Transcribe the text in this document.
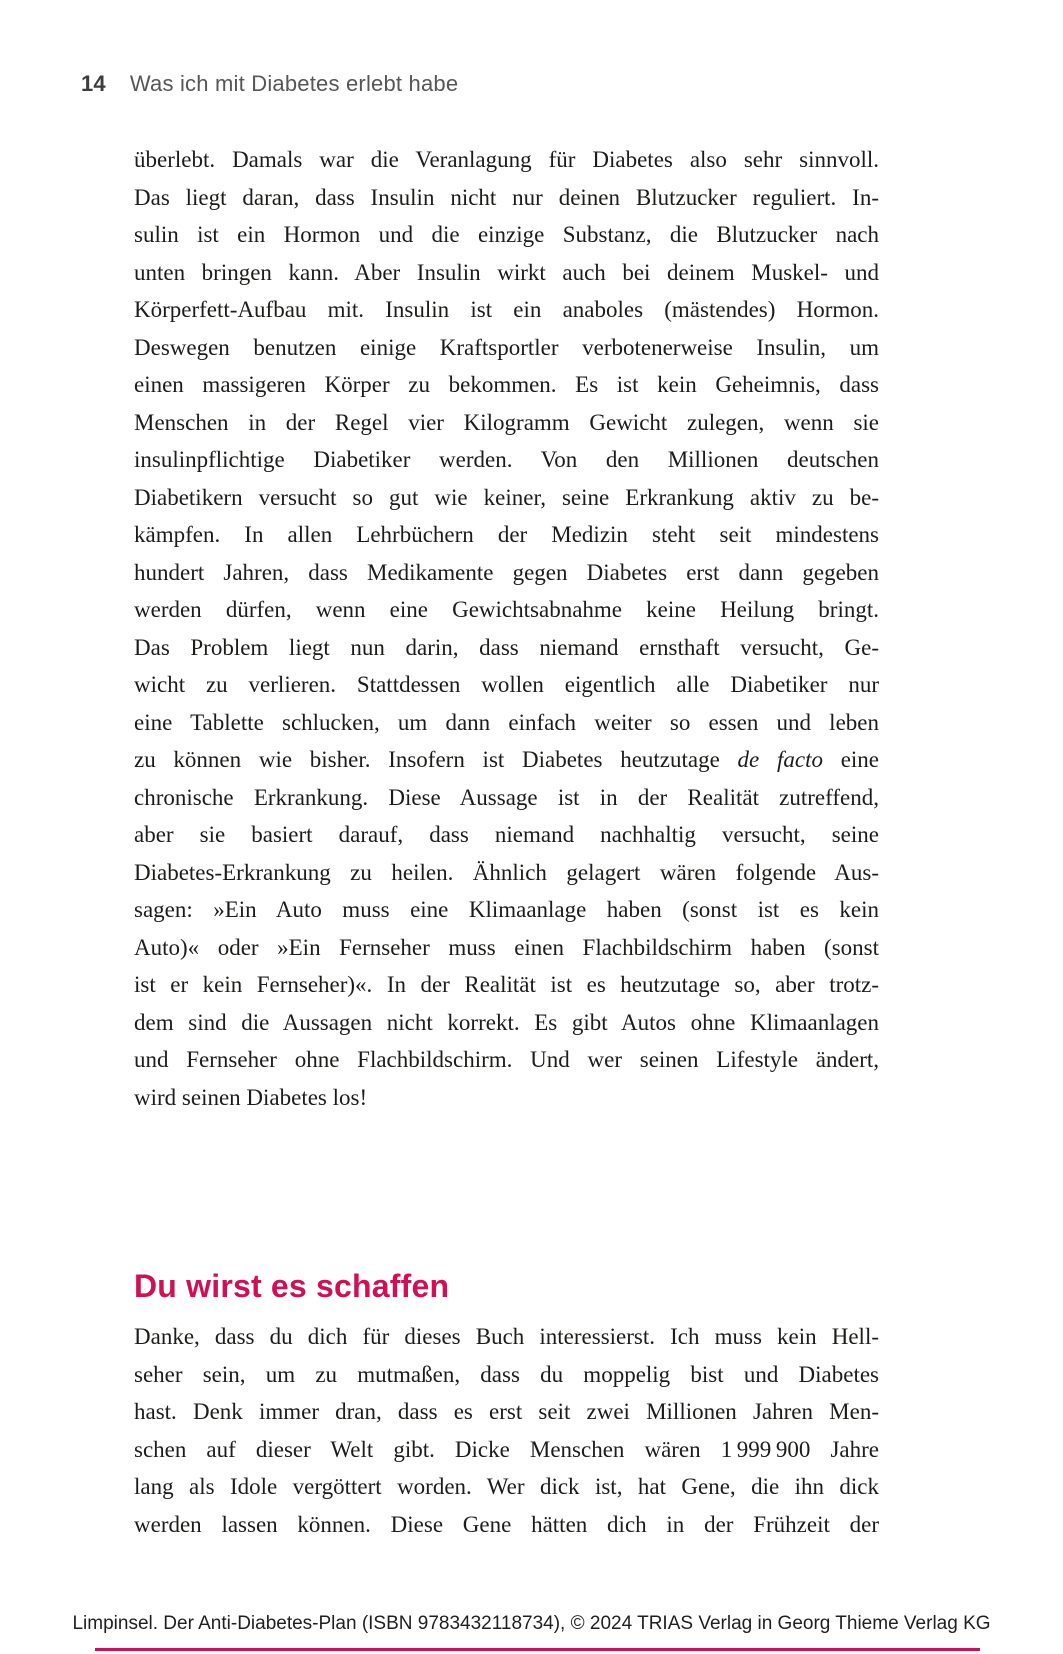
14 Was ich mit Diabetes erlebt habe
überlebt. Damals war die Veranlagung für Diabetes also sehr sinnvoll.
Das liegt daran, dass Insulin nicht nur deinen Blutzucker reguliert. In-
sulin ist ein Hormon und die einzige Substanz, die Blutzucker nach
unten bringen kann. Aber Insulin wirkt auch bei deinem Muskel- und
Körperfett-Aufbau mit. Insulin ist ein anaboles (mästendes) Hormon.
Deswegen benutzen einige Kraftsportler verbotenerweise Insulin, um
einen massigeren Körper zu bekommen. Es ist kein Geheimnis, dass
Menschen in der Regel vier Kilogramm Gewicht zulegen, wenn sie
insulinpflichtige Diabetiker werden. Von den Millionen deutschen
Diabetikern versucht so gut wie keiner, seine Erkrankung aktiv zu be-
kämpfen. In allen Lehrbüchern der Medizin steht seit mindestens
hundert Jahren, dass Medikamente gegen Diabetes erst dann gegeben
werden dürfen, wenn eine Gewichtsabnahme keine Heilung bringt.
Das Problem liegt nun darin, dass niemand ernsthaft versucht, Ge-
wicht zu verlieren. Stattdessen wollen eigentlich alle Diabetiker nur
eine Tablette schlucken, um dann einfach weiter so essen und leben
zu können wie bisher. Insofern ist Diabetes heutzutage de facto eine
chronische Erkrankung. Diese Aussage ist in der Realität zutreffend,
aber sie basiert darauf, dass niemand nachhaltig versucht, seine
Diabetes-Erkrankung zu heilen. Ähnlich gelagert wären folgende Aus-
sagen: »Ein Auto muss eine Klimaanlage haben (sonst ist es kein
Auto)« oder »Ein Fernseher muss einen Flachbildschirm haben (sonst
ist er kein Fernseher)«. In der Realität ist es heutzutage so, aber trotz-
dem sind die Aussagen nicht korrekt. Es gibt Autos ohne Klimaanlagen
und Fernseher ohne Flachbildschirm. Und wer seinen Lifestyle ändert,
wird seinen Diabetes los!
Du wirst es schaffen
Danke, dass du dich für dieses Buch interessierst. Ich muss kein Hell-
seher sein, um zu mutmaßen, dass du moppelig bist und Diabetes
hast. Denk immer dran, dass es erst seit zwei Millionen Jahren Men-
schen auf dieser Welt gibt. Dicke Menschen wären 1 999 900 Jahre
lang als Idole vergöttert worden. Wer dick ist, hat Gene, die ihn dick
werden lassen können. Diese Gene hätten dich in der Frühzeit der
Limpinsel. Der Anti-Diabetes-Plan (ISBN 9783432118734), © 2024 TRIAS Verlag in Georg Thieme Verlag KG
